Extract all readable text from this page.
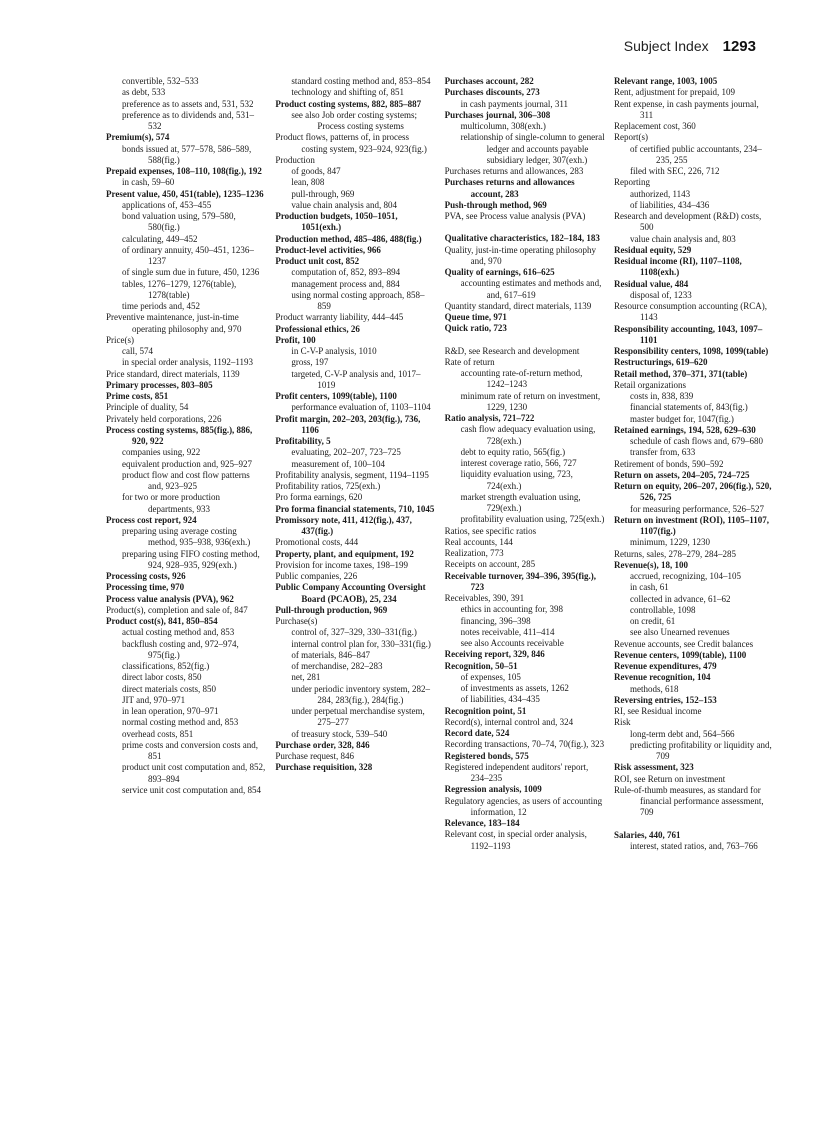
Subject Index 1293
convertible, 532–533
as debt, 533
preference as to assets and, 531, 532
preference as to dividends and, 531–532
Premium(s), 574
bonds issued at, 577–578, 586–589, 588(fig.)
Prepaid expenses, 108–110, 108(fig.), 192
in cash, 59–60
Present value, 450, 451(table), 1235–1236
applications of, 453–455
bond valuation using, 579–580, 580(fig.)
calculating, 449–452
of ordinary annuity, 450–451, 1236–1237
of single sum due in future, 450, 1236
tables, 1276–1279, 1276(table), 1278(table)
time periods and, 452
Preventive maintenance, just-in-time operating philosophy and, 970
Price(s)
call, 574
in special order analysis, 1192–1193
Price standard, direct materials, 1139
Primary processes, 803–805
Prime costs, 851
Principle of duality, 54
Privately held corporations, 226
Process costing systems, 885(fig.), 886, 920, 922
companies using, 922
equivalent production and, 925–927
product flow and cost flow patterns and, 923–925
for two or more production departments, 933
Process cost report, 924
preparing using average costing method, 935–938, 936(exh.)
preparing using FIFO costing method, 924, 928–935, 929(exh.)
Processing costs, 926
Processing time, 970
Process value analysis (PVA), 962
Product(s), completion and sale of, 847
Product cost(s), 841, 850–854
actual costing method and, 853
backflush costing and, 972–974, 975(fig.)
classifications, 852(fig.)
direct labor costs, 850
direct materials costs, 850
JIT and, 970–971
in lean operation, 970–971
normal costing method and, 853
overhead costs, 851
prime costs and conversion costs and, 851
product unit cost computation and, 852, 893–894
service unit cost computation and, 854
standard costing method and, 853–854
technology and shifting of, 851
Product costing systems, 882, 885–887
see also Job order costing systems; Process costing systems
Product flows, patterns of, in process costing system, 923–924, 923(fig.)
Production
of goods, 847
lean, 808
pull-through, 969
value chain analysis and, 804
Production budgets, 1050–1051, 1051(exh.)
Production method, 485–486, 488(fig.)
Product-level activities, 966
Product unit cost, 852
computation of, 852, 893–894
management process and, 884
using normal costing approach, 858–859
Product warranty liability, 444–445
Professional ethics, 26
Profit, 100
in C-V-P analysis, 1010
gross, 197
targeted, C-V-P analysis and, 1017–1019
Profit centers, 1099(table), 1100
performance evaluation of, 1103–1104
Profit margin, 202–203, 203(fig.), 736, 1106
Profitability, 5
evaluating, 202–207, 723–725
measurement of, 100–104
Profitability analysis, segment, 1194–1195
Profitability ratios, 725(exh.)
Pro forma earnings, 620
Pro forma financial statements, 710, 1045
Promissory note, 411, 412(fig.), 437, 437(fig.)
Promotional costs, 444
Property, plant, and equipment, 192
Provision for income taxes, 198–199
Public companies, 226
Public Company Accounting Oversight Board (PCAOB), 25, 234
Pull-through production, 969
Purchase(s)
control of, 327–329, 330–331(fig.)
internal control plan for, 330–331(fig.)
of materials, 846–847
of merchandise, 282–283
net, 281
under periodic inventory system, 282–284, 283(fig.), 284(fig.)
under perpetual merchandise system, 275–277
of treasury stock, 539–540
Purchase order, 328, 846
Purchase request, 846
Purchase requisition, 328
Purchases account, 282
Purchases discounts, 273
in cash payments journal, 311
Purchases journal, 306–308
multicolumn, 308(exh.)
relationship of single-column to general ledger and accounts payable subsidiary ledger, 307(exh.)
Purchases returns and allowances, 283
Purchases returns and allowances account, 283
Push-through method, 969
PVA, see Process value analysis (PVA)
Qualitative characteristics, 182–184, 183
Quality, just-in-time operating philosophy and, 970
Quality of earnings, 616–625
accounting estimates and methods and, and, 617–619
Quantity standard, direct materials, 1139
Queue time, 971
Quick ratio, 723
R&D, see Research and development
Rate of return
accounting rate-of-return method, 1242–1243
minimum rate of return on investment, 1229, 1230
Ratio analysis, 721–722
cash flow adequacy evaluation using, 728(exh.)
debt to equity ratio, 565(fig.)
interest coverage ratio, 566, 727
liquidity evaluation using, 723, 724(exh.)
market strength evaluation using, 729(exh.)
profitability evaluation using, 725(exh.)
Ratios, see specific ratios
Real accounts, 144
Realization, 773
Receipts on account, 285
Receivable turnover, 394–396, 395(fig.), 723
Receivables, 390, 391
ethics in accounting for, 398
financing, 396–398
notes receivable, 411–414
see also Accounts receivable
Receiving report, 329, 846
Recognition, 50–51
of expenses, 105
of investments as assets, 1262
of liabilities, 434–435
Recognition point, 51
Record(s), internal control and, 324
Record date, 524
Recording transactions, 70–74, 70(fig.), 323
Registered bonds, 575
Registered independent auditors' report, 234–235
Regression analysis, 1009
Regulatory agencies, as users of accounting information, 12
Relevance, 183–184
Relevant cost, in special order analysis, 1192–1193
Relevant range, 1003, 1005
Rent, adjustment for prepaid, 109
Rent expense, in cash payments journal, 311
Replacement cost, 360
Report(s)
of certified public accountants, 234–235, 255
filed with SEC, 226, 712
Reporting
authorized, 1143
of liabilities, 434–436
Research and development (R&D) costs, 500
value chain analysis and, 803
Residual equity, 529
Residual income (RI), 1107–1108, 1108(exh.)
Residual value, 484
disposal of, 1233
Resource consumption accounting (RCA), 1143
Responsibility accounting, 1043, 1097–1101
Responsibility centers, 1098, 1099(table)
Restructurings, 619–620
Retail method, 370–371, 371(table)
Retail organizations
costs in, 838, 839
financial statements of, 843(fig.)
master budget for, 1047(fig.)
Retained earnings, 194, 528, 629–630
schedule of cash flows and, 679–680
transfer from, 633
Retirement of bonds, 590–592
Return on assets, 204–205, 724–725
Return on equity, 206–207, 206(fig.), 520, 526, 725
for measuring performance, 526–527
Return on investment (ROI), 1105–1107, 1107(fig.)
minimum, 1229, 1230
Returns, sales, 278–279, 284–285
Revenue(s), 18, 100
accrued, recognizing, 104–105
in cash, 61
collected in advance, 61–62
controllable, 1098
on credit, 61
see also Unearned revenues
Revenue accounts, see Credit balances
Revenue centers, 1099(table), 1100
Revenue expenditures, 479
Revenue recognition, 104
methods, 618
Reversing entries, 152–153
RI, see Residual income
Risk
long-term debt and, 564–566
predicting profitability or liquidity and, 709
Risk assessment, 323
ROI, see Return on investment
Rule-of-thumb measures, as standard for financial performance assessment, 709
Salaries, 440, 761
interest, stated ratios, and, 763–766
